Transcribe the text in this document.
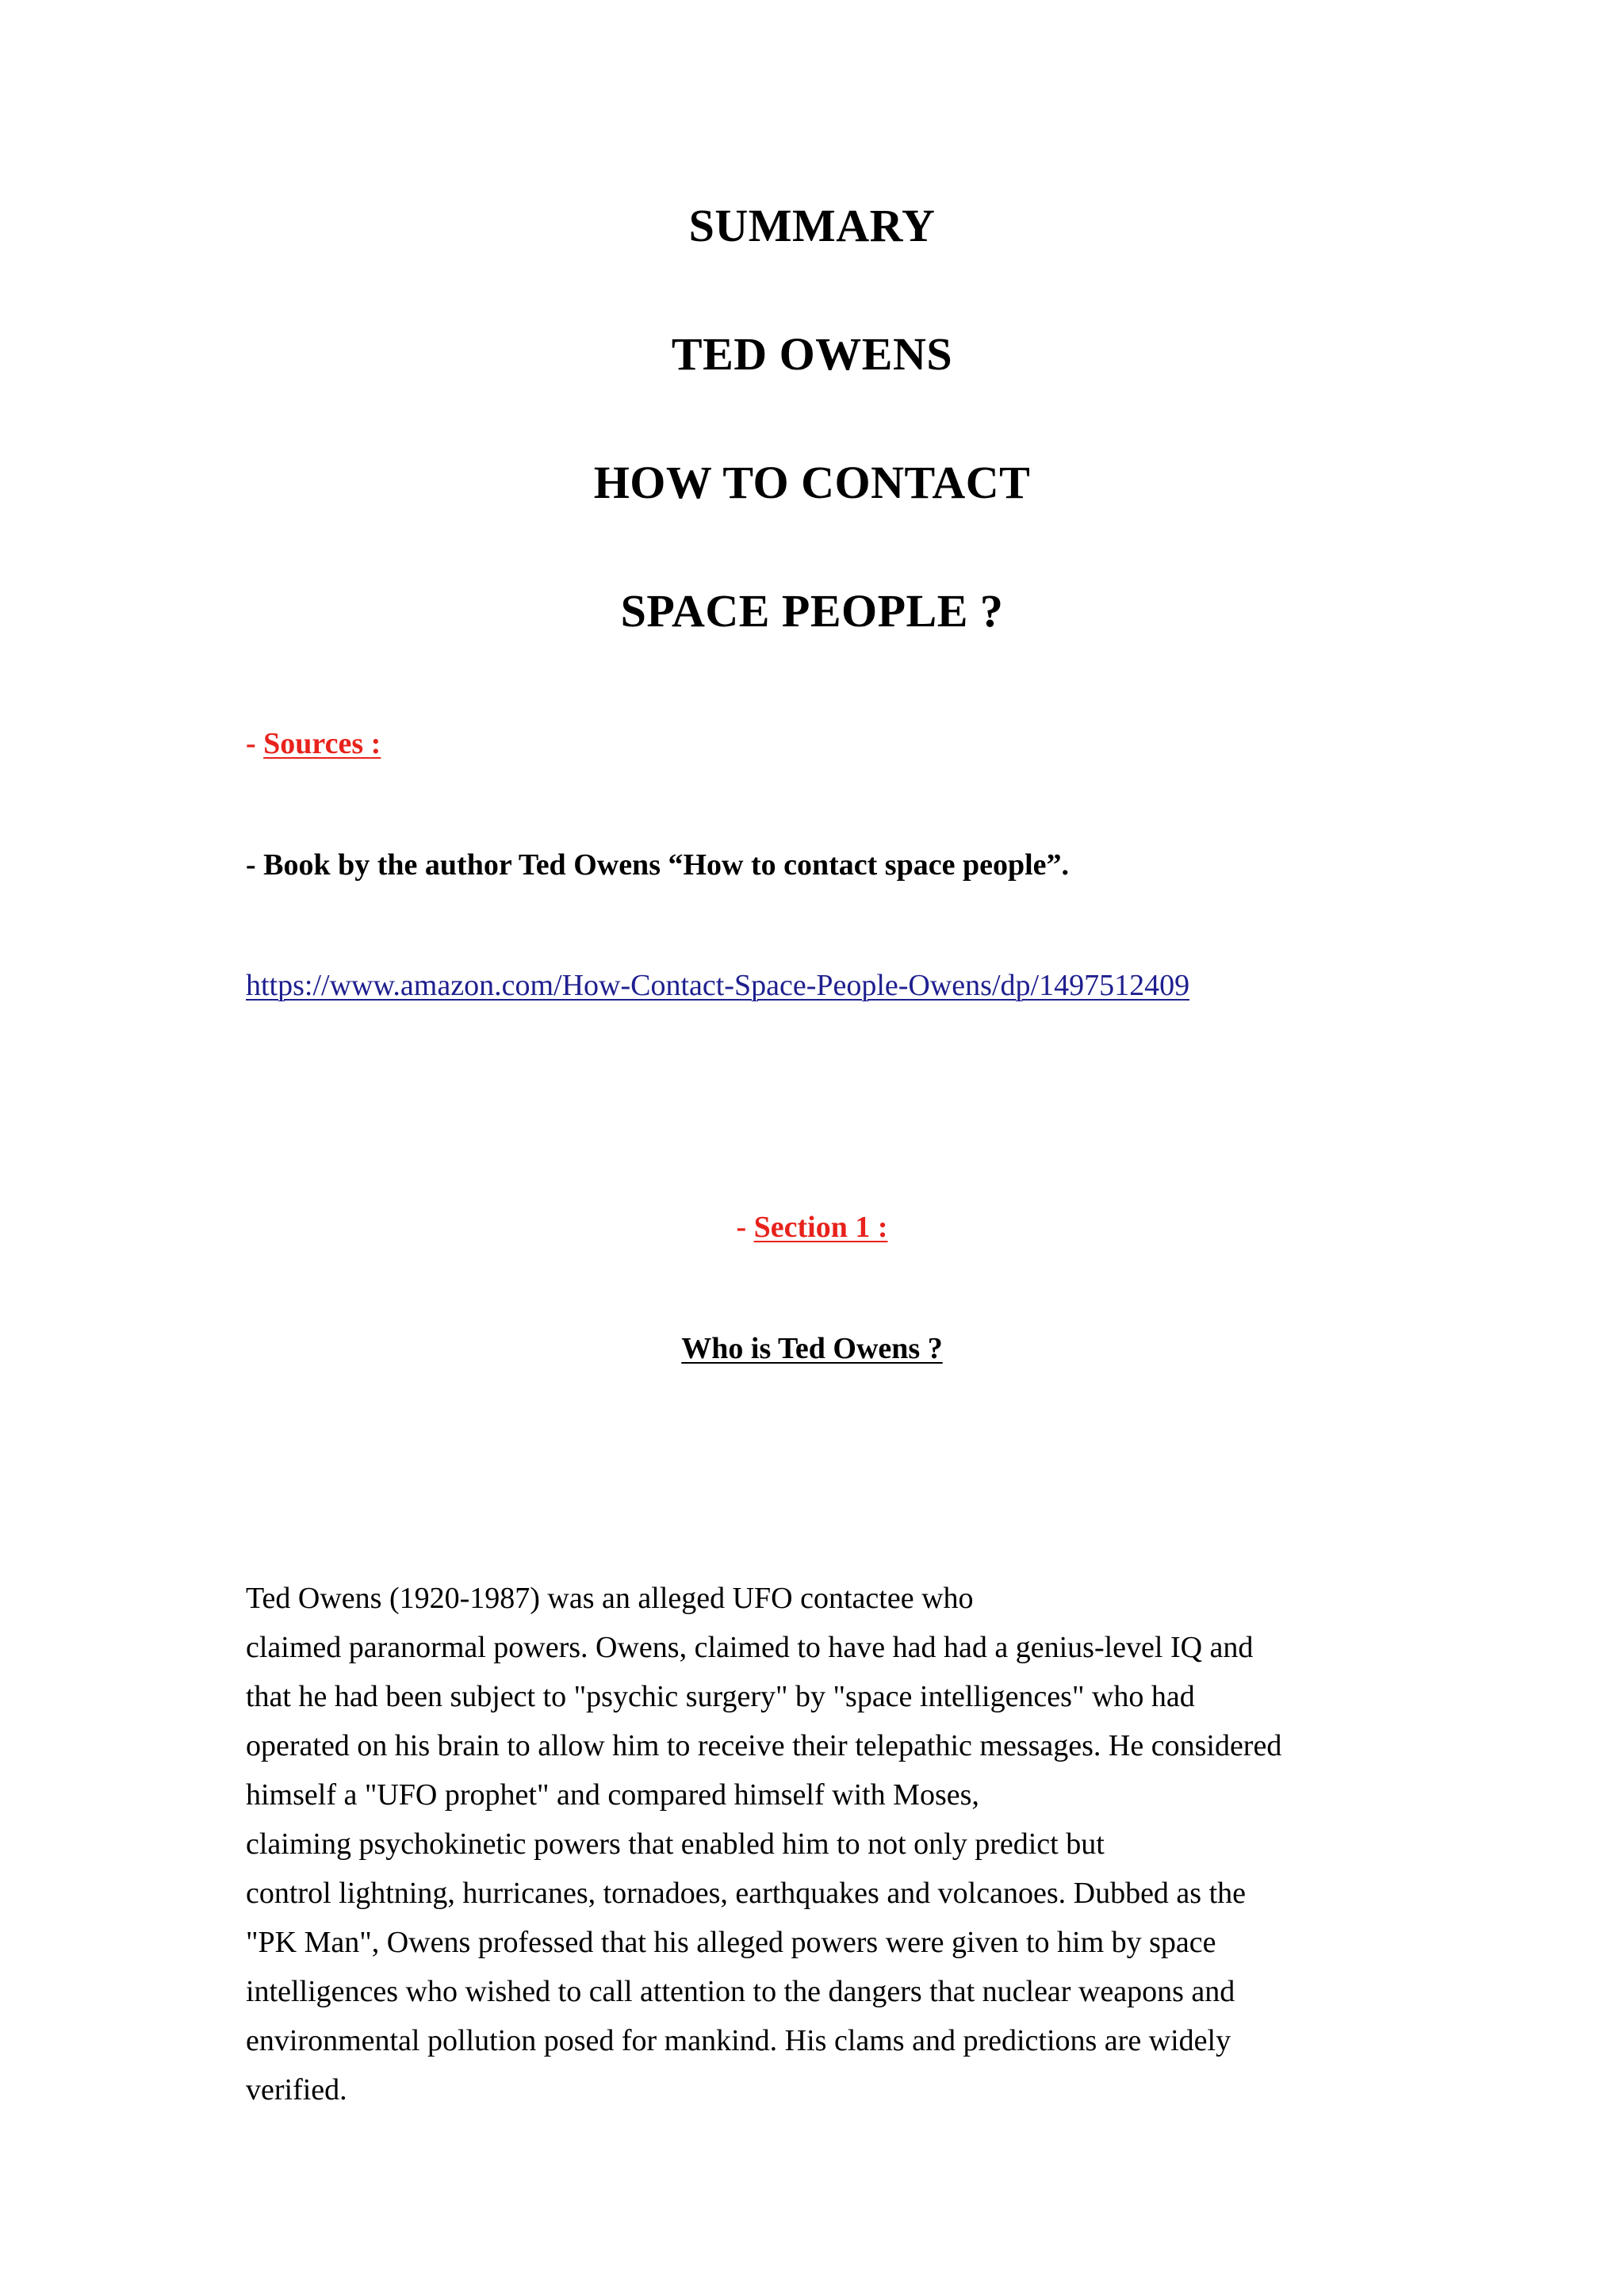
SUMMARY
TED OWENS
HOW TO CONTACT
SPACE PEOPLE ?
- Sources :
- Book by the author Ted Owens “How to contact space people”.
https://www.amazon.com/How-Contact-Space-People-Owens/dp/1497512409
- Section 1 :
Who is Ted Owens ?
Ted Owens (1920-1987) was an alleged UFO contactee who
claimed paranormal powers. Owens, claimed to have had had a genius-level IQ and
that he had been subject to "psychic surgery" by "space intelligences" who had
operated on his brain to allow him to receive their telepathic messages. He considered
himself a "UFO prophet" and compared himself with Moses,
claiming psychokinetic powers that enabled him to not only predict but
control lightning, hurricanes, tornadoes, earthquakes and volcanoes. Dubbed as the
"PK Man", Owens professed that his alleged powers were given to him by space
intelligences who wished to call attention to the dangers that nuclear weapons and
environmental pollution posed for mankind. His clams and predictions are widely
verified.
